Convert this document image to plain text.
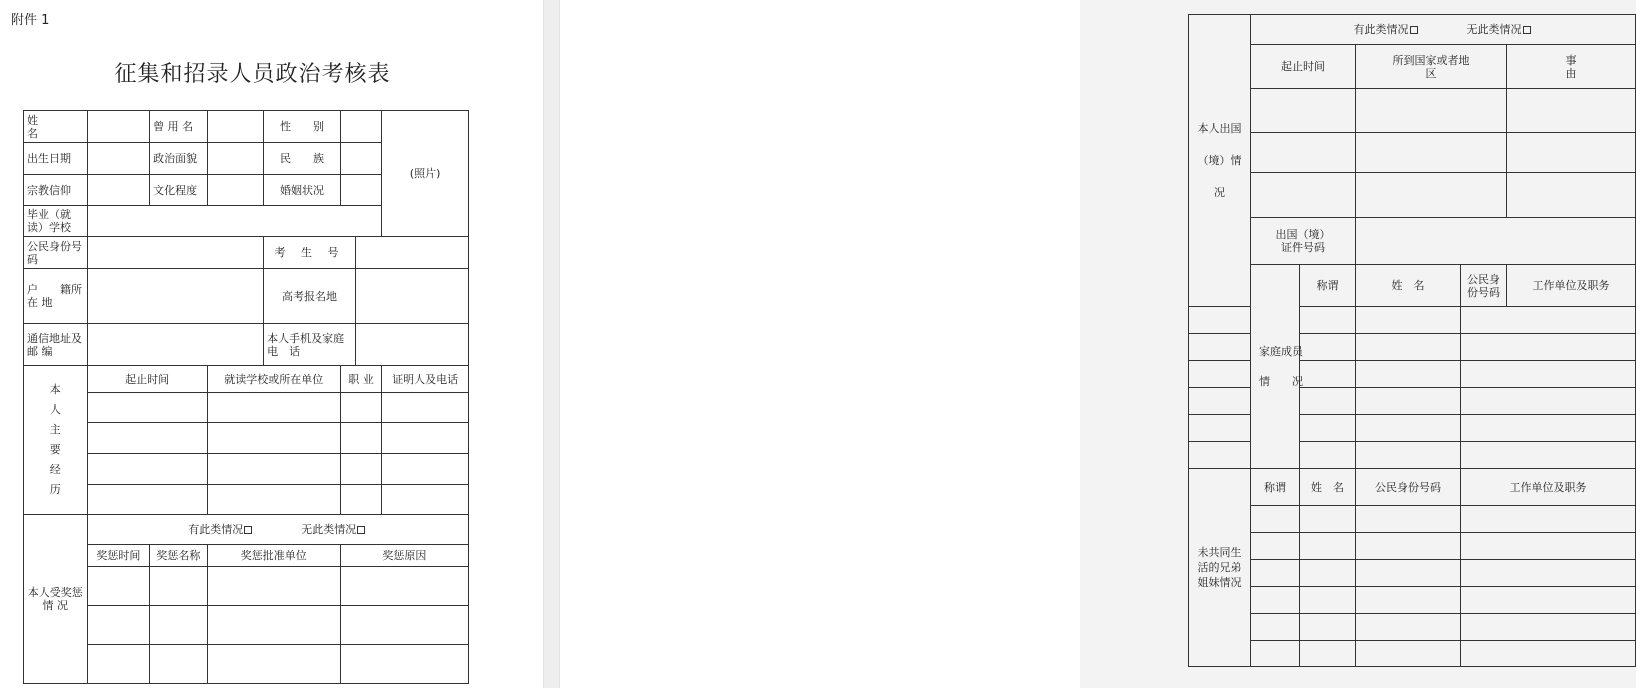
附件 1
征集和招录人员政治考核表
姓　　名		曾 用 名		性　　别			(照片)
出生日期		政治面貌		民　　族			
宗教信仰		文化程度		婚姻状况			
毕业（就读）学校							
公民身份号　　码				考 生 号			
户　　籍所 在 地				高考报名地			
通信地址及 邮 编				本人手机及家庭　电　话			
本人主要经历	起止时间		就读学校或所在单位		职 业		证明人及电话

本人受奖惩 情 况	有此类情况 无此类情况						
	奖惩时间	奖惩名称	奖惩批准单位		奖惩原因		

本人出国（境）情况	有此类情况 无此类情况					
	起止时间		所到国家或者地区		事由	

	出国（境）证件号码					
	家庭成员情　　况	称谓	姓　名	公民身份号码	工作单位及职务	

未共同生活的兄弟姐妹情况	称谓	姓　名	公民身份号码	工作单位及职务		
